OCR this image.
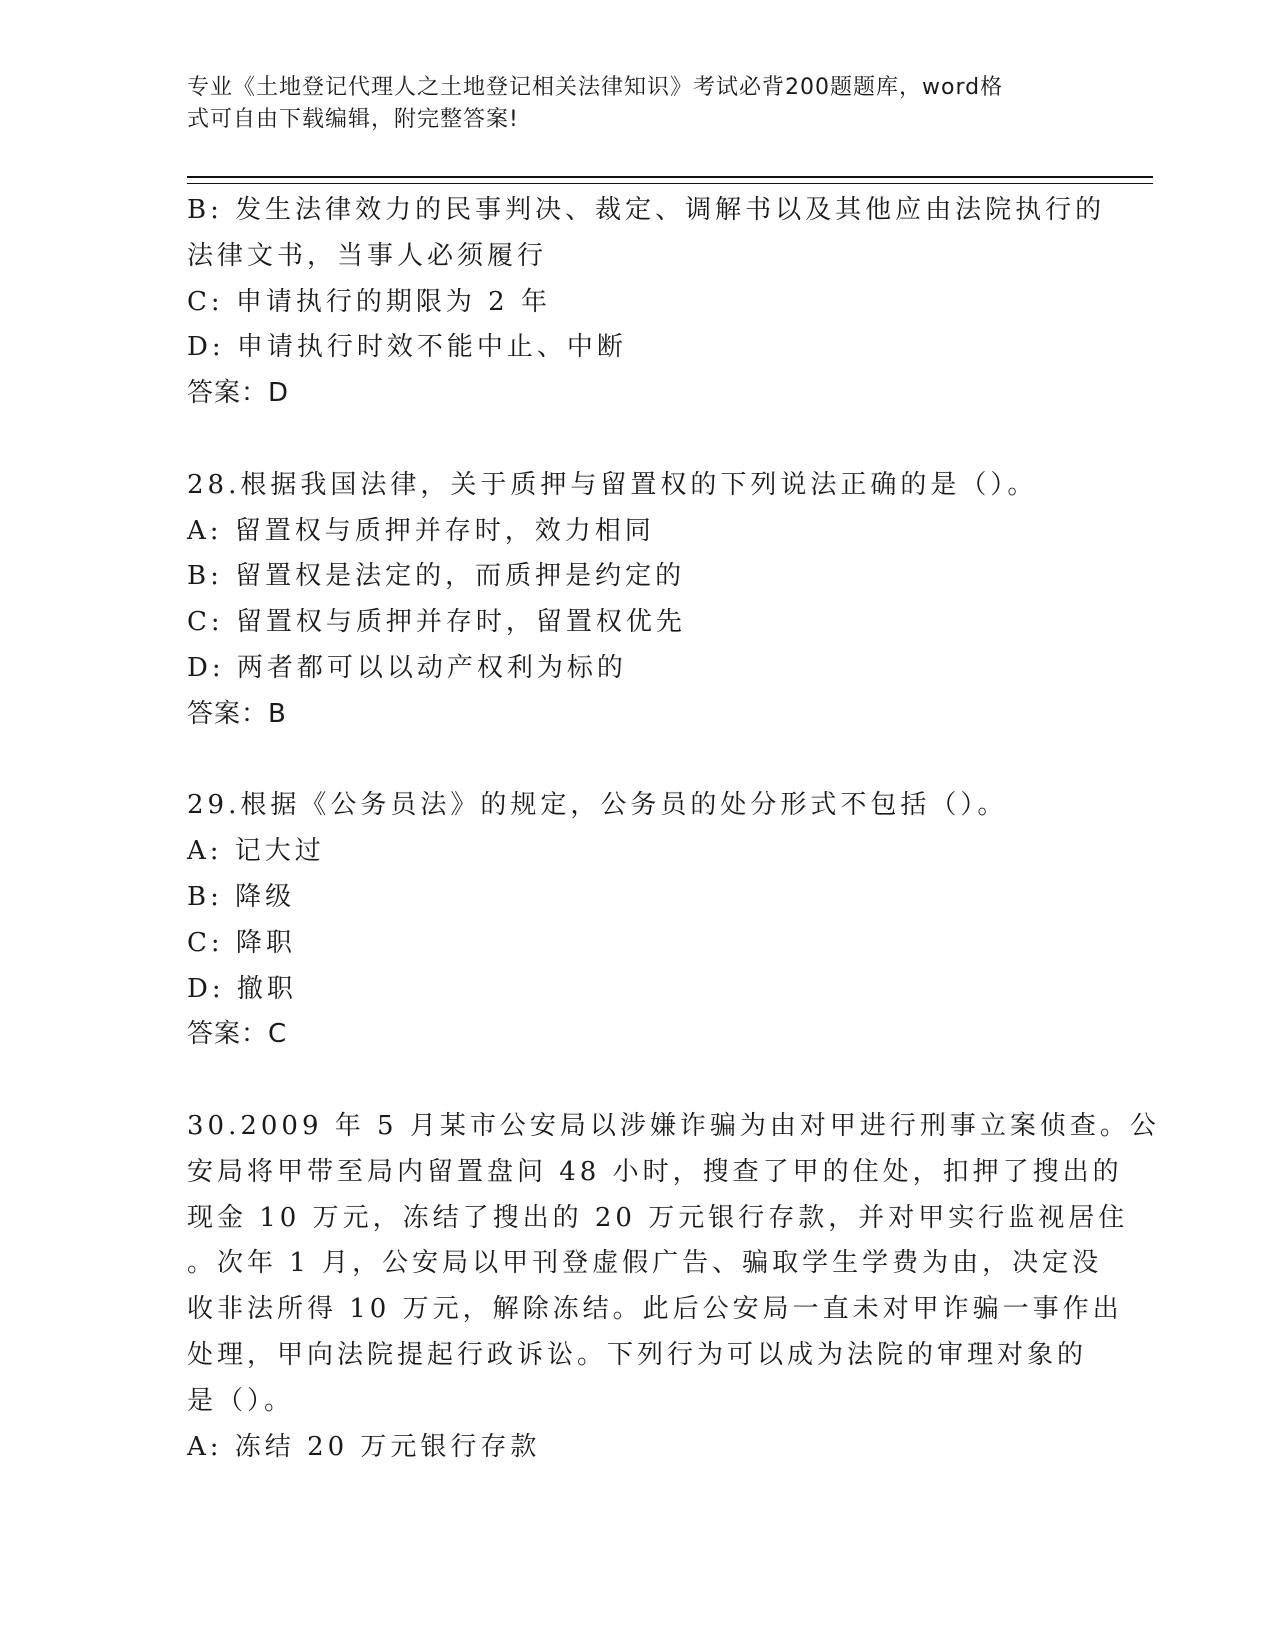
专业《土地登记代理人之土地登记相关法律知识》考试必背200题题库，word格
式可自由下载编辑，附完整答案!
B: 发生法律效力的民事判决、裁定、调解书以及其他应由法院执行的
法律文书，当事人必须履行
C: 申请执行的期限为 2 年
D: 申请执行时效不能中止、中断
答案：D
28.根据我国法律，关于质押与留置权的下列说法正确的是（）。
A: 留置权与质押并存时，效力相同
B: 留置权是法定的，而质押是约定的
C: 留置权与质押并存时，留置权优先
D: 两者都可以以动产权利为标的
答案：B
29.根据《公务员法》的规定，公务员的处分形式不包括（）。
A: 记大过
B: 降级
C: 降职
D: 撤职
答案：C
30.2009 年 5 月某市公安局以涉嫌诈骗为由对甲进行刑事立案侦查。公
安局将甲带至局内留置盘问 48 小时，搜查了甲的住处，扣押了搜出的
现金 10 万元，冻结了搜出的 20 万元银行存款，并对甲实行监视居住
。次年 1 月，公安局以甲刊登虚假广告、骗取学生学费为由，决定没
收非法所得 10 万元，解除冻结。此后公安局一直未对甲诈骗一事作出
处理，甲向法院提起行政诉讼。下列行为可以成为法院的审理对象的
是（）。
A: 冻结 20 万元银行存款
